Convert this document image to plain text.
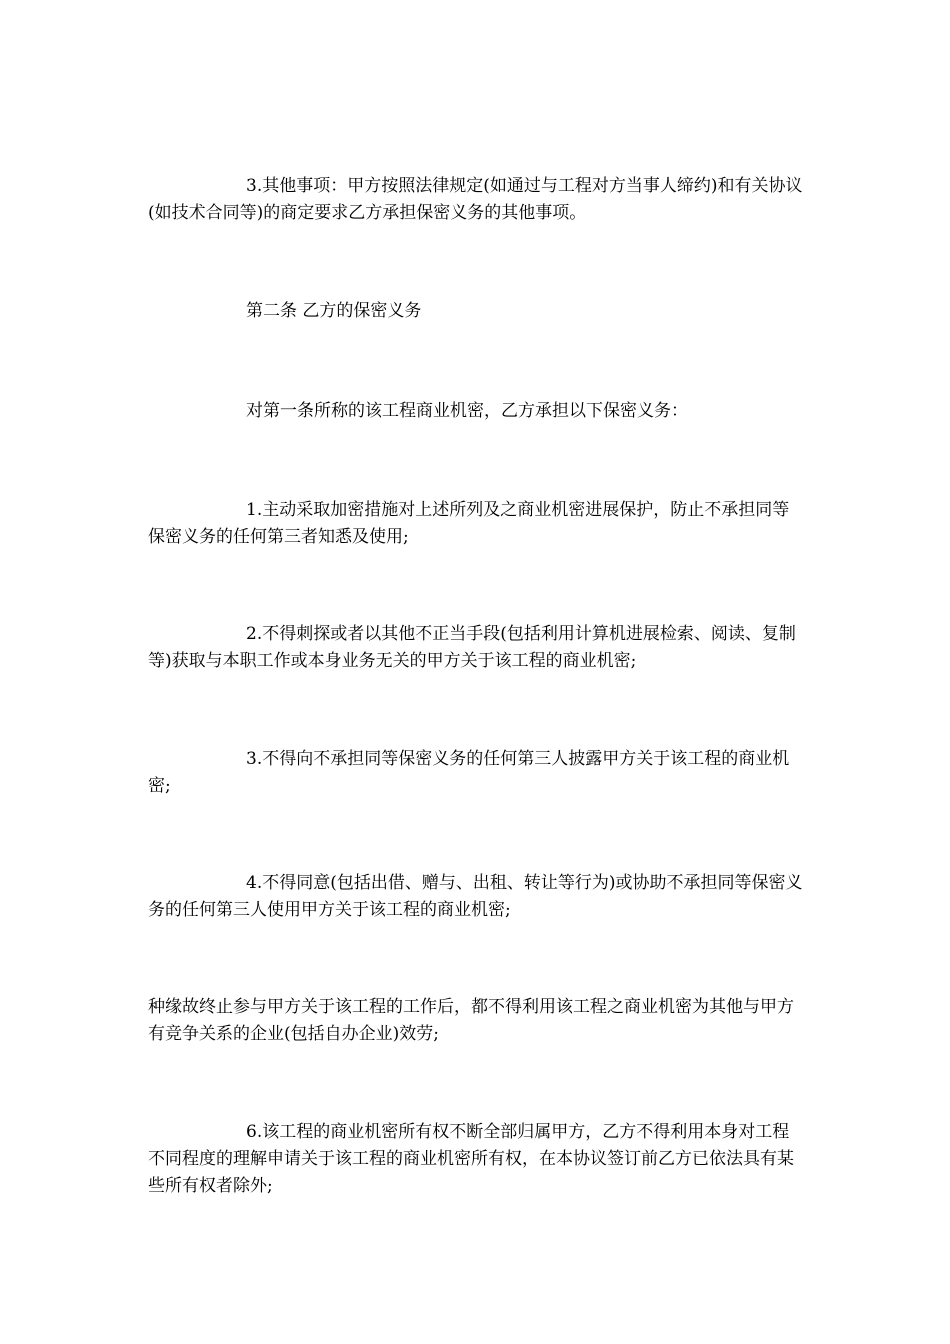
3.其他事项：甲方按照法律规定(如通过与工程对方当事人缔约)和有关协议(如技术合同等)的商定要求乙方承担保密义务的其他事项。

第二条 乙方的保密义务

对第一条所称的该工程商业机密，乙方承担以下保密义务：

1.主动采取加密措施对上述所列及之商业机密进展保护，防止不承担同等保密义务的任何第三者知悉及使用;

2.不得刺探或者以其他不正当手段(包括利用计算机进展检索、阅读、复制等)获取与本职工作或本身业务无关的甲方关于该工程的商业机密;

3.不得向不承担同等保密义务的任何第三人披露甲方关于该工程的商业机密;

4.不得同意(包括出借、赠与、出租、转让等行为)或协助不承担同等保密义务的任何第三人使用甲方关于该工程的商业机密;

种缘故终止参与甲方关于该工程的工作后，都不得利用该工程之商业机密为其他与甲方有竞争关系的企业(包括自办企业)效劳;

6.该工程的商业机密所有权不断全部归属甲方，乙方不得利用本身对工程不同程度的理解申请关于该工程的商业机密所有权，在本协议签订前乙方已依法具有某些所有权者除外;
